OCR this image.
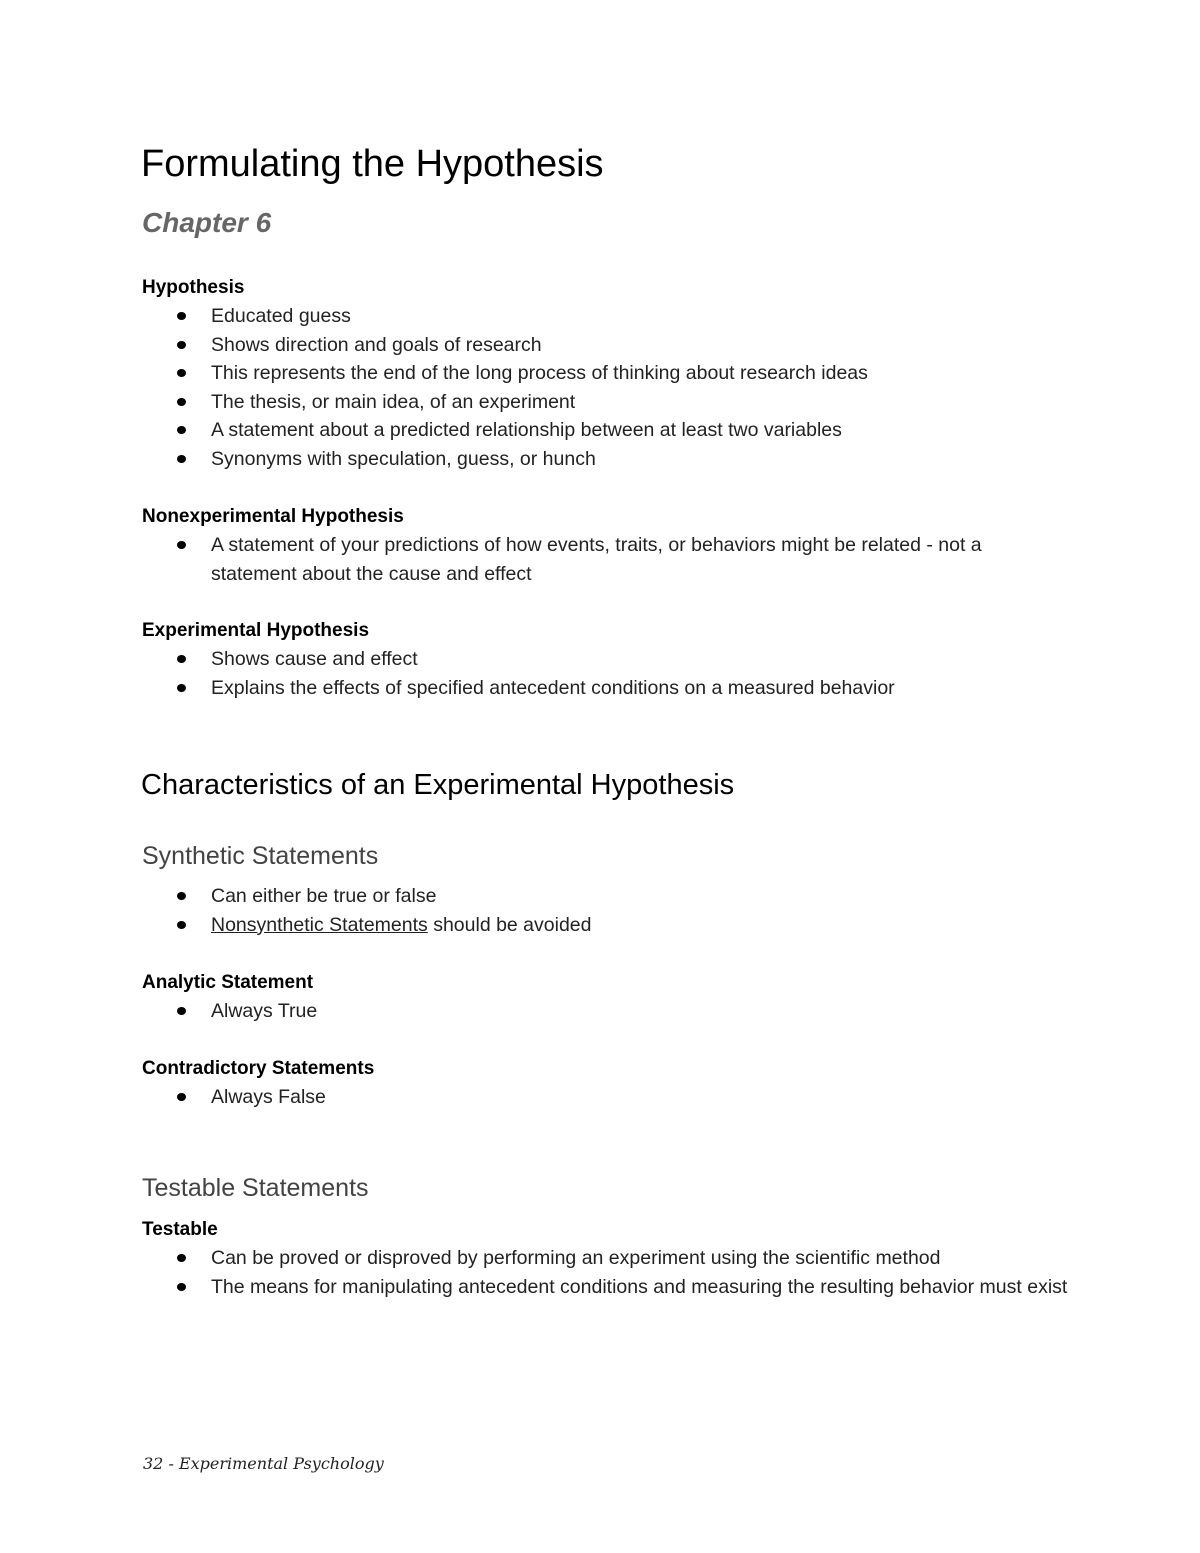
Formulating the Hypothesis
Chapter 6
Hypothesis
Educated guess
Shows direction and goals of research
This represents the end of the long process of thinking about research ideas
The thesis, or main idea, of an experiment
A statement about a predicted relationship between at least two variables
Synonyms with speculation, guess, or hunch
Nonexperimental Hypothesis
A statement of your predictions of how events, traits, or behaviors might be related - not a statement about the cause and effect
Experimental Hypothesis
Shows cause and effect
Explains the effects of specified antecedent conditions on a measured behavior
Characteristics of an Experimental Hypothesis
Synthetic Statements
Can either be true or false
Nonsynthetic Statements should be avoided
Analytic Statement
Always True
Contradictory Statements
Always False
Testable Statements
Testable
Can be proved or disproved by performing an experiment using the scientific method
The means for manipulating antecedent conditions and measuring the resulting behavior must exist
32 - Experimental Psychology
